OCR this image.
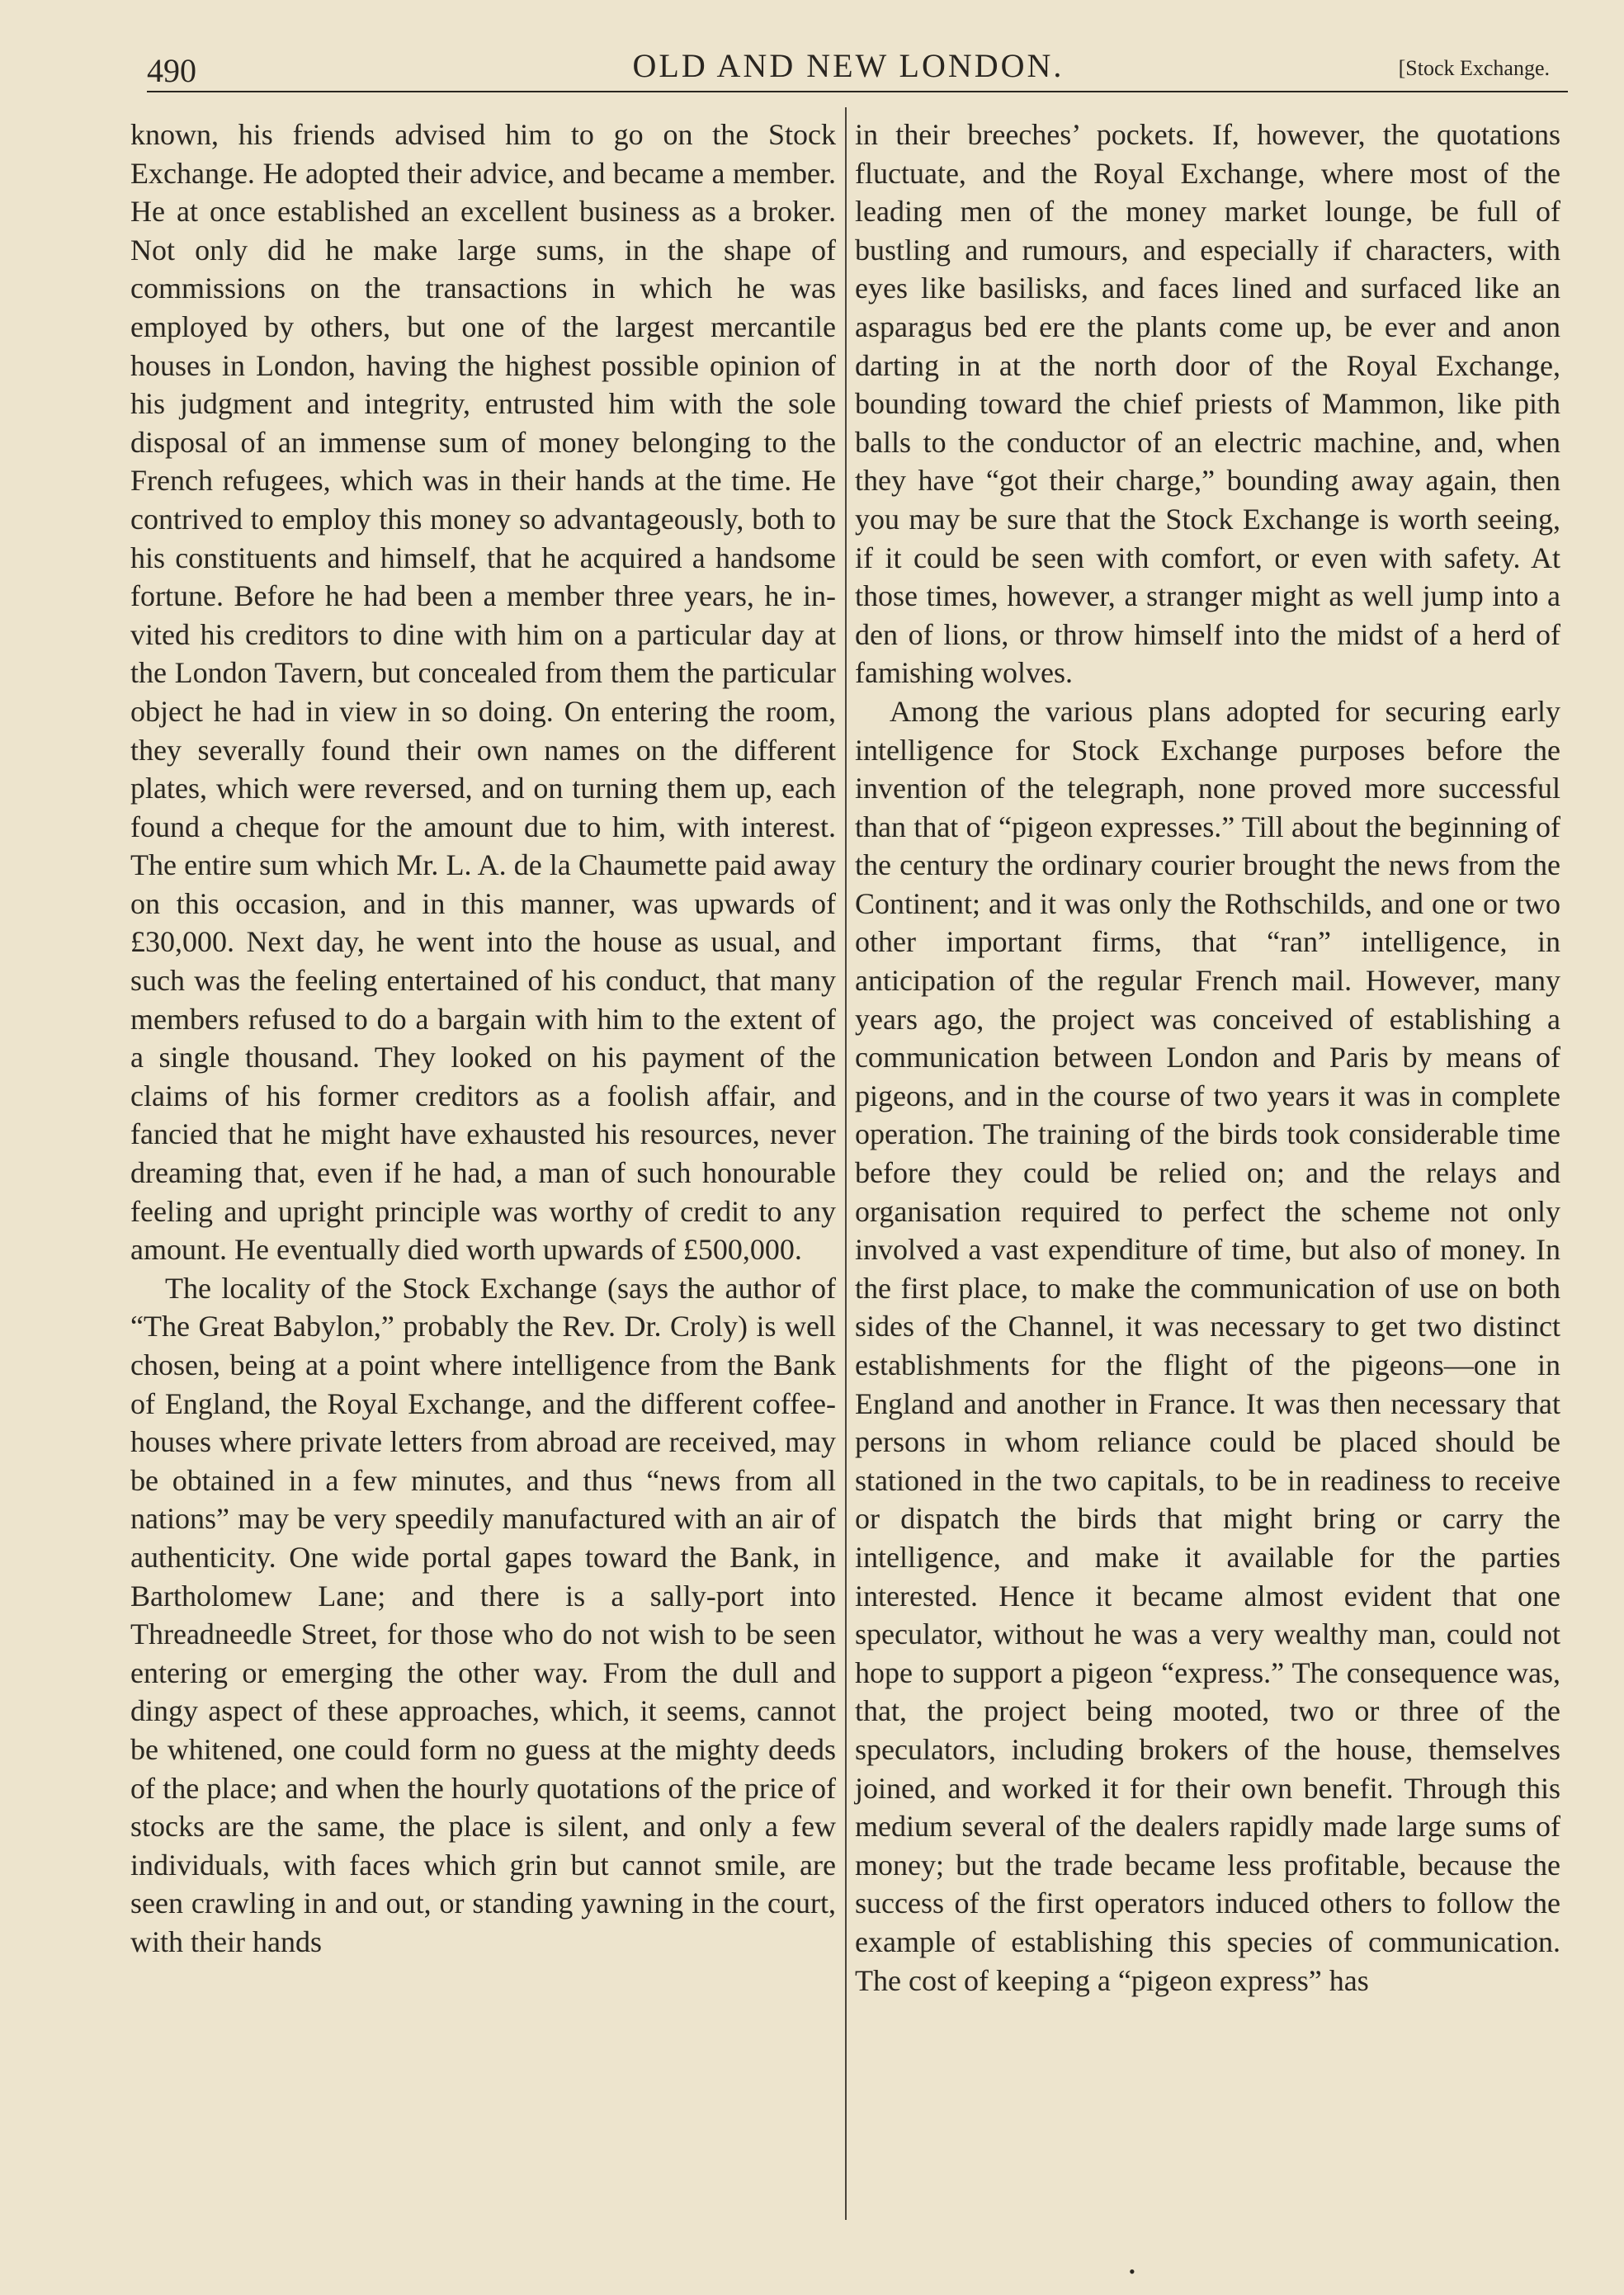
490	OLD AND NEW LONDON.	[Stock Exchange.

known, his friends advised him to go on the Stock Exchange. He adopted their advice, and became a member. He at once established an excellent business as a broker. Not only did he make large sums, in the shape of commissions on the transactions in which he was employed by others, but one of the largest mercantile houses in London, having the highest possible opinion of his judgment and integrity, entrusted him with the sole disposal of an immense sum of money belonging to the French refugees, which was in their hands at the time. He contrived to employ this money so advantageously, both to his constituents and himself, that he acquired a handsome fortune. Before he had been a member three years, he invited his creditors to dine with him on a particular day at the London Tavern, but concealed from them the particular object he had in view in so doing. On entering the room, they severally found their own names on the different plates, which were reversed, and on turning them up, each found a cheque for the amount due to him, with interest. The entire sum which Mr. L. A. de la Chaumette paid away on this occasion, and in this manner, was upwards of £30,000. Next day, he went into the house as usual, and such was the feeling entertained of his conduct, that many members refused to do a bargain with him to the extent of a single thousand. They looked on his payment of the claims of his former creditors as a foolish affair, and fancied that he might have exhausted his resources, never dreaming that, even if he had, a man of such honourable feeling and upright principle was worthy of credit to any amount. He eventually died worth upwards of £500,000.

The locality of the Stock Exchange (says the author of “The Great Babylon,” probably the Rev. Dr. Croly) is well chosen, being at a point where intelligence from the Bank of England, the Royal Exchange, and the different coffee-houses where private letters from abroad are received, may be obtained in a few minutes, and thus “news from all nations” may be very speedily manufactured with an air of authenticity. One wide portal gapes toward the Bank, in Bartholomew Lane; and there is a sally-port into Threadneedle Street, for those who do not wish to be seen entering or emerging the other way. From the dull and dingy aspect of these approaches, which, it seems, cannot be whitened, one could form no guess at the mighty deeds of the place; and when the hourly quotations of the price of stocks are the same, the place is silent, and only a few individuals, with faces which grin but cannot smile, are seen crawling in and out, or standing yawning in the court, with their hands

in their breeches’ pockets. If, however, the quotations fluctuate, and the Royal Exchange, where most of the leading men of the money market lounge, be full of bustling and rumours, and especially if characters, with eyes like basilisks, and faces lined and surfaced like an asparagus bed ere the plants come up, be ever and anon darting in at the north door of the Royal Exchange, bounding toward the chief priests of Mammon, like pith balls to the conductor of an electric machine, and, when they have “got their charge,” bounding away again, then you may be sure that the Stock Exchange is worth seeing, if it could be seen with comfort, or even with safety. At those times, however, a stranger might as well jump into a den of lions, or throw himself into the midst of a herd of famishing wolves.

Among the various plans adopted for securing early intelligence for Stock Exchange purposes before the invention of the telegraph, none proved more successful than that of “pigeon expresses.” Till about the beginning of the century the ordinary courier brought the news from the Continent; and it was only the Rothschilds, and one or two other important firms, that “ran” intelligence, in anticipation of the regular French mail. However, many years ago, the project was conceived of establishing a communication between London and Paris by means of pigeons, and in the course of two years it was in complete operation. The training of the birds took considerable time before they could be relied on; and the relays and organisation required to perfect the scheme not only involved a vast expenditure of time, but also of money. In the first place, to make the communication of use on both sides of the Channel, it was necessary to get two distinct establishments for the flight of the pigeons—one in England and another in France. It was then necessary that persons in whom reliance could be placed should be stationed in the two capitals, to be in readiness to receive or dispatch the birds that might bring or carry the intelligence, and make it available for the parties interested. Hence it became almost evident that one speculator, without he was a very wealthy man, could not hope to support a pigeon “express.” The consequence was, that, the project being mooted, two or three of the speculators, including brokers of the house, themselves joined, and worked it for their own benefit. Through this medium several of the dealers rapidly made large sums of money; but the trade became less profitable, because the success of the first operators induced others to follow the example of establishing this species of communication. The cost of keeping a “pigeon express” has

•
